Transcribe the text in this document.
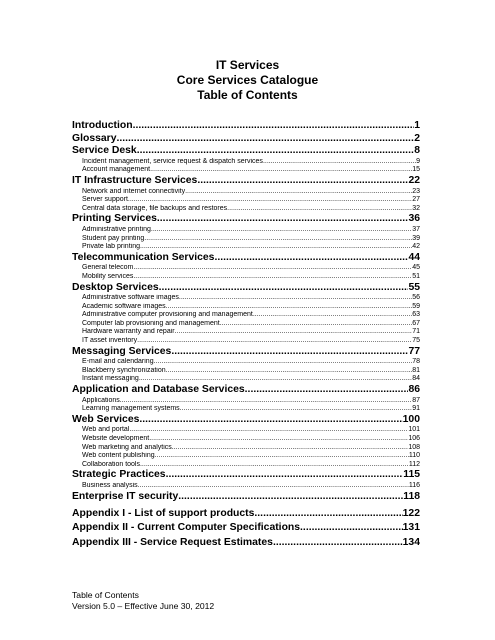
IT Services
Core Services Catalogue
Table of Contents
Introduction .....	1
Glossary .....	2
Service Desk .....	8
Incident management, service request & dispatch services .....	9
Account management .....	15
IT Infrastructure Services .....	22
Network and internet connectivity .....	23
Server support .....	27
Central data storage, file backups and restores .....	32
Printing Services .....	36
Administrative printing .....	37
Student pay printing .....	39
Private lab printing .....	42
Telecommunication Services .....	44
General telecom .....	45
Mobility services .....	51
Desktop Services .....	55
Administrative software images .....	56
Academic software images .....	59
Administrative computer provisioning and management .....	63
Computer lab provisioning and management .....	67
Hardware warranty and repair .....	71
IT asset inventory .....	75
Messaging Services .....	77
E-mail and calendaring .....	78
Blackberry synchronization .....	81
Instant messaging .....	84
Application and Database Services .....	86
Applications .....	87
Learning management systems .....	91
Web Services .....	100
Web and portal .....	101
Website development .....	106
Web marketing and analytics .....	108
Web content publishing .....	110
Collaboration tools .....	112
Strategic Practices .....	115
Business analysis .....	116
Enterprise IT security .....	118
Appendix I - List of support products .....	122
Appendix II - Current Computer Specifications .....	131
Appendix III - Service Request Estimates .....	134
Table of Contents
Version 5.0 – Effective June 30, 2012
